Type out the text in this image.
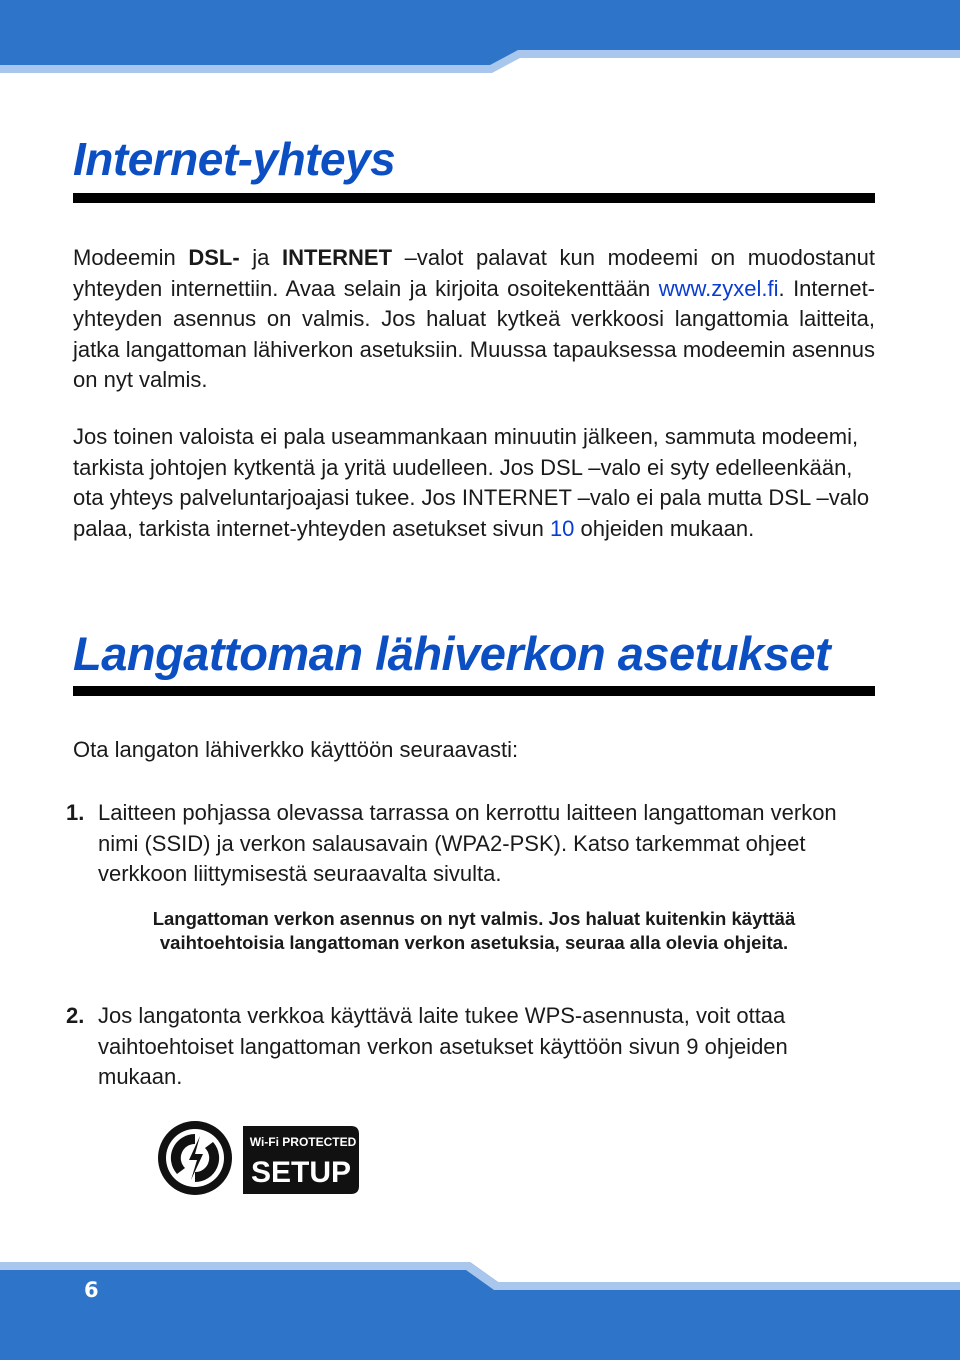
Internet-yhteys

Modeemin DSL- ja INTERNET –valot palavat kun modeemi on muodostanut yhteyden internettiin. Avaa selain ja kirjoita osoitekenttään www.zyxel.fi. Internet-yhteyden asennus on valmis. Jos haluat kytkeä verkkoosi langattomia laitteita, jatka langattoman lähiverkon asetuksiin. Muussa tapauksessa modeemin asennus on nyt valmis.

Jos toinen valoista ei pala useammankaan minuutin jälkeen, sammuta modeemi, tarkista johtojen kytkentä ja yritä uudelleen. Jos DSL –valo ei syty edelleenkään, ota yhteys palveluntarjoajasi tukee. Jos INTERNET –valo ei pala mutta DSL –valo palaa, tarkista internet-yhteyden asetukset sivun 10 ohjeiden mukaan.

Langattoman lähiverkon asetukset

Ota langaton lähiverkko käyttöön seuraavasti:

1. Laitteen pohjassa olevassa tarrassa on kerrottu laitteen langattoman verkon nimi (SSID) ja verkon salausavain (WPA2-PSK). Katso tarkemmat ohjeet verkkoon liittymisestä seuraavalta sivulta.

Langattoman verkon asennus on nyt valmis. Jos haluat kuitenkin käyttää
vaihtoehtoisia langattoman verkon asetuksia, seuraa alla olevia ohjeita.
2. Jos langatonta verkkoa käyttävä laite tukee WPS-asennusta, voit ottaa vaihtoehtoiset langattoman verkon asetukset käyttöön sivun 9 ohjeiden mukaan.

Wi-Fi PROTECTED
SETUP
6
